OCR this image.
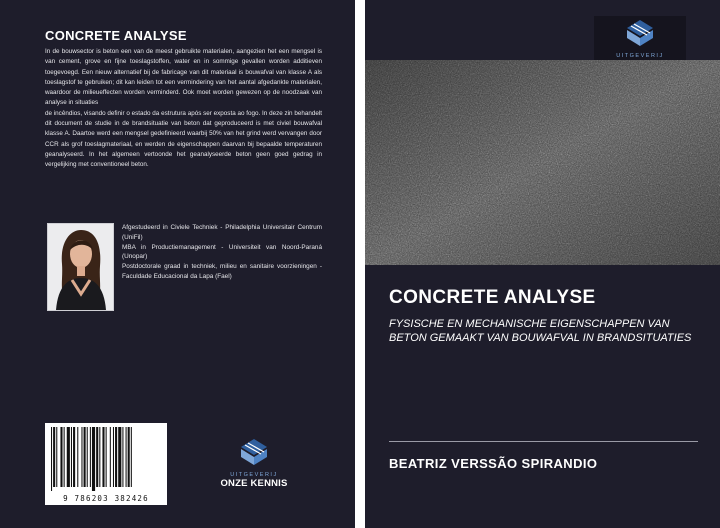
CONCRETE ANALYSE

In de bouwsector is beton een van de meest gebruikte materialen, aangezien het een mengsel is van cement, grove en fijne toeslagstoffen, water en in sommige gevallen worden additieven toegevoegd. Een nieuw alternatief bij de fabricage van dit materiaal is bouwafval van klasse A als toeslagstof te gebruiken; dit kan leiden tot een vermindering van het aantal afgedankte materialen, waardoor de milieueffecten worden verminderd. Ook moet worden gewezen op de noodzaak van analyse in situaties

de incêndios, visando definir o estado da estrutura após ser exposta ao fogo. In deze zin behandelt dit document de studie in de brandsituatie van beton dat geproduceerd is met civiel bouwafval klasse A. Daartoe werd een mengsel gedefinieerd waarbij 50% van het grind werd vervangen door CCR als grof toeslagmateriaal, en werden de eigenschappen daarvan bij bepaalde temperaturen geanalyseerd. In het algemeen vertoonde het geanalyseerde beton geen goed gedrag in vergelijking met conventioneel beton.

Afgestudeerd in Civiele Techniek - Philadelphia Universitair Centrum (UniFil)

MBA in Productiemanagement - Universiteit van Noord-Paraná (Unopar)

Postdoctorale graad in techniek, milieu en sanitaire voorzieningen - Faculdade Educacional da Lapa (Fael)

9 786203 382426
UITGEVERIJ
ONZE KENNIS
UITGEVERIJ
CONCRETE ANALYSE
FYSISCHE EN MECHANISCHE EIGENSCHAPPEN VAN BETON GEMAAKT VAN BOUWAFVAL IN BRANDSITUATIES
BEATRIZ VERSSÃO SPIRANDIO
